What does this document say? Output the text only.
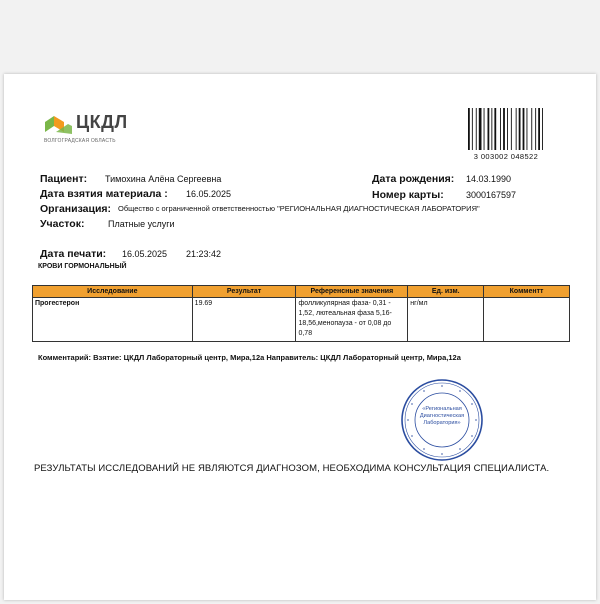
ЦКДЛ
ВОЛГОГРАДСКАЯ ОБЛАСТЬ
3 003002 048522
Пациент: Тимохина Алёна Сергеевна	Дата рождения: 14.03.1990
Дата взятия материала : 16.05.2025	Номер карты: 3000167597
Организация: Общество с ограниченной ответственностью "РЕГИОНАЛЬНАЯ ДИАГНОСТИЧЕСКАЯ ЛАБОРАТОРИЯ"
Участок:	Платные услуги
Дата печати: 16.05.2025 21:23:42
КРОВИ ГОРМОНАЛЬНЫЙ
Исследование	Результат	Референсные значения	Ед. изм.	Комментт
Прогестерон	19.69	фолликулярная фаза- 0,31 - 1,52, лютеальная фаза 5,16-18,56,менопауза - от 0,08 до 0,78	нг/мл	
Комментарий: Взятие: ЦКДЛ Лабораторный центр, Мира,12а Направитель: ЦКДЛ Лабораторный центр, Мира,12а
«Региональная Диагностическая Лаборатория»
РЕЗУЛЬТАТЫ ИССЛЕДОВАНИЙ НЕ ЯВЛЯЮТСЯ ДИАГНОЗОМ, НЕОБХОДИМА КОНСУЛЬТАЦИЯ СПЕЦИАЛИСТА.
